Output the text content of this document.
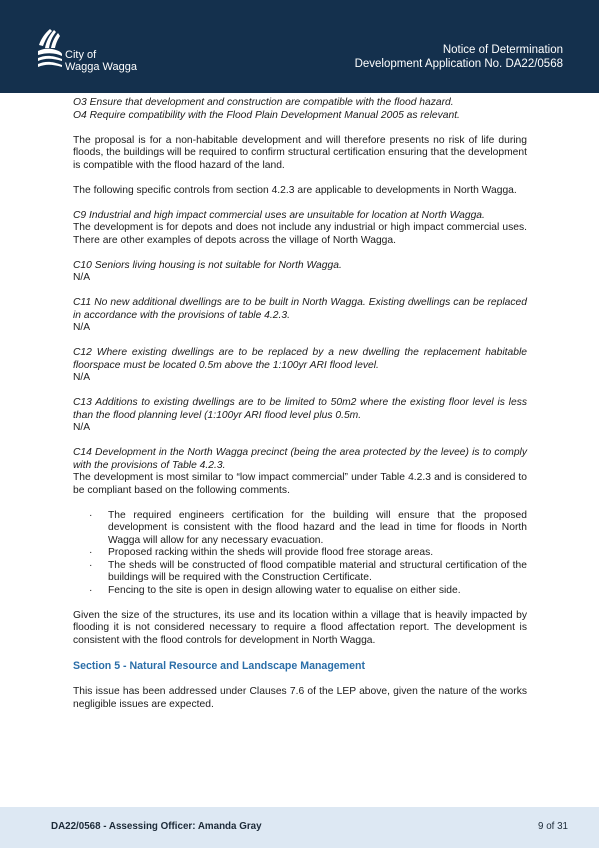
City of
Wagga Wagga
Notice of Determination
Development Application No. DA22/0568

O3 Ensure that development and construction are compatible with the flood hazard.
O4 Require compatibility with the Flood Plain Development Manual 2005 as relevant.

The proposal is for a non-habitable development and will therefore presents no risk of life during floods, the buildings will be required to confirm structural certification ensuring that the development is compatible with the flood hazard of the land.

The following specific controls from section 4.2.3 are applicable to developments in North Wagga.

C9 Industrial and high impact commercial uses are unsuitable for location at North Wagga.
The development is for depots and does not include any industrial or high impact commercial uses. There are other examples of depots across the village of North Wagga.

C10 Seniors living housing is not suitable for North Wagga.
N/A

C11 No new additional dwellings are to be built in North Wagga. Existing dwellings can be replaced in accordance with the provisions of table 4.2.3.
N/A

C12 Where existing dwellings are to be replaced by a new dwelling the replacement habitable floorspace must be located 0.5m above the 1:100yr ARI flood level.
N/A

C13 Additions to existing dwellings are to be limited to 50m2 where the existing floor level is less than the flood planning level (1:100yr ARI flood level plus 0.5m.
N/A

C14 Development in the North Wagga precinct (being the area protected by the levee) is to comply with the provisions of Table 4.2.3.
The development is most similar to “low impact commercial” under Table 4.2.3 and is considered to be compliant based on the following comments.

· The required engineers certification for the building will ensure that the proposed development is consistent with the flood hazard and the lead in time for floods in North Wagga will allow for any necessary evacuation.
· Proposed racking within the sheds will provide flood free storage areas.
· The sheds will be constructed of flood compatible material and structural certification of the buildings will be required with the Construction Certificate.
· Fencing to the site is open in design allowing water to equalise on either side.

Given the size of the structures, its use and its location within a village that is heavily impacted by flooding it is not considered necessary to require a flood affectation report. The development is consistent with the flood controls for development in North Wagga.

Section 5 - Natural Resource and Landscape Management

This issue has been addressed under Clauses 7.6 of the LEP above, given the nature of the works negligible issues are expected.

DA22/0568 - Assessing Officer: Amanda Gray	9 of 31
